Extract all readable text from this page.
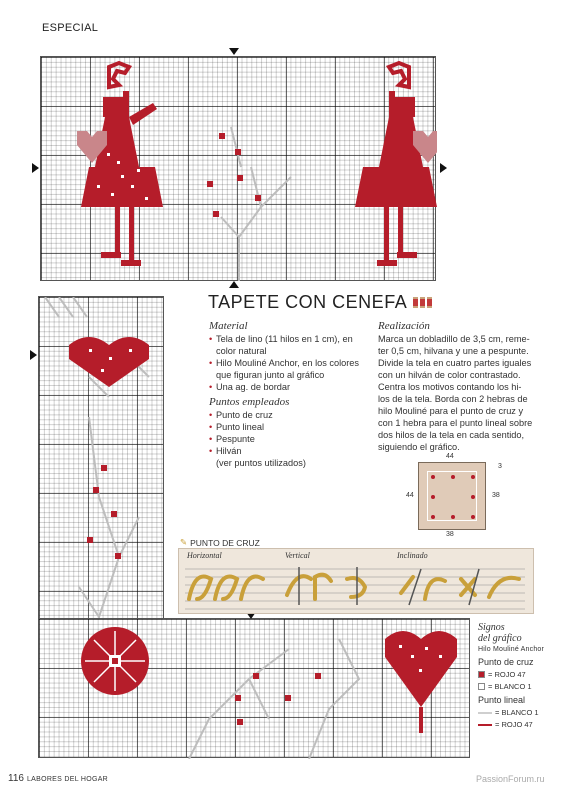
ESPECIAL
TAPETE CON CENEFA
Material
• Tela de lino (11 hilos en 1 cm), en
color natural
• Hilo Mouliné Anchor, en los colores
que figuran junto al gráfico
• Una ag. de bordar
Puntos empleados
• Punto de cruz
• Punto lineal
• Pespunte
• Hilván
(ver puntos utilizados)
Realización

Marca un dobladillo de 3,5 cm, reme-

ter 0,5 cm, hilvana y une a pespunte.

Divide la tela en cuatro partes iguales

con un hilván de color contrastado.

Centra los motivos contando los hi-

los de la tela. Borda con 2 hebras de

hilo Mouliné para el punto de cruz y

con 1 hebra para el punto lineal sobre

dos hilos de la tela en cada sentido,

siguiendo el gráfico.

44
44	38
38
3
✎ PUNTO DE CRUZ
Horizontal	Vertical	Inclinado
Signos
del gráfico
Hilo Mouliné Anchor
Punto de cruz
= ROJO 47
= BLANCO 1
Punto lineal
= BLANCO 1
= ROJO 47
116 LABORES DEL HOGAR	PassionForum.ru
